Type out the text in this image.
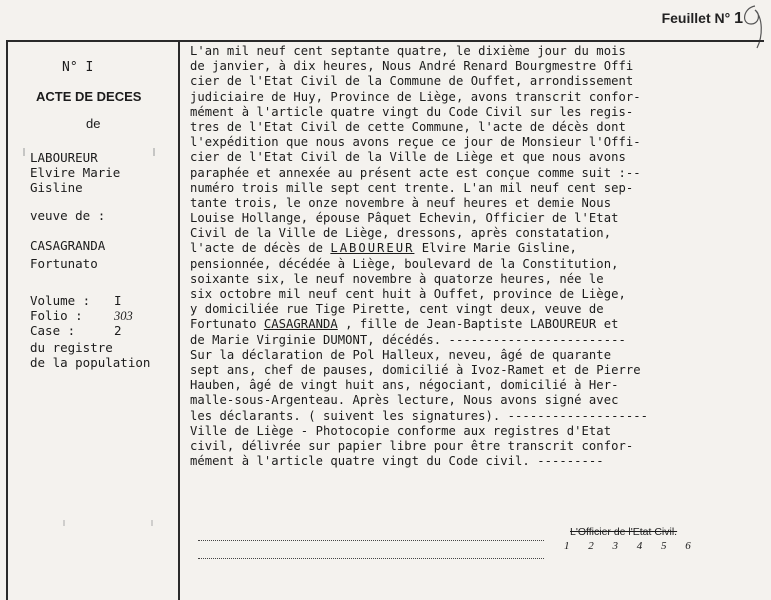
Feuillet N° 1
N° I
ACTE DE DECES
de
LABOUREUR
Elvire Marie
Gisline
veuve de :
CASAGRANDA
Fortunato
Volume : I
Folio :	303
Case :	2
du registre
de la population
L'an mil neuf cent septante quatre, le dixième jour du mois
de janvier, à dix heures, Nous André Renard Bourgmestre Offi
cier de l'Etat Civil de la Commune de Ouffet, arrondissement
judiciaire de Huy, Province de Liège, avons transcrit confor-
mément à l'article quatre vingt du Code Civil sur les regis-
tres de l'Etat Civil de cette Commune, l'acte de décès dont
l'expédition que nous avons reçue ce jour de Monsieur l'Offi-
cier de l'Etat Civil de la Ville de Liège et que nous avons
paraphée et annexée au présent acte est conçue comme suit :--
numéro trois mille sept cent trente. L'an mil neuf cent sep-
tante trois, le onze novembre à neuf heures et demie Nous
Louise Hollange, épouse Pâquet Echevin, Officier de l'Etat
Civil de la Ville de Liège, dressons, après constatation,
l'acte de décès de LABOUREUR Elvire Marie Gisline,
pensionnée, décédée à Liège, boulevard de la Constitution,
soixante six, le neuf novembre à quatorze heures, née le
six octobre mil neuf cent huit à Ouffet, province de Liège,
y domiciliée rue Tige Pirette, cent vingt deux, veuve de
Fortunato CASAGRANDA , fille de Jean-Baptiste LABOUREUR et
de Marie Virginie DUMONT, décédés. ------------------------
Sur la déclaration de Pol Halleux, neveu, âgé de quarante
sept ans, chef de pauses, domicilié à Ivoz-Ramet et de Pierre
Hauben, âgé de vingt huit ans, négociant, domicilié à Her-
malle-sous-Argenteau. Après lecture, Nous avons signé avec
les déclarants. ( suivent les signatures). -------------------
Ville de Liège - Photocopie conforme aux registres d'Etat
civil, délivrée sur papier libre pour être transcrit confor-
mément à l'article quatre vingt du Code civil. ---------
L'Officier de l'Etat Civil.
1 2 3 4 5 6
